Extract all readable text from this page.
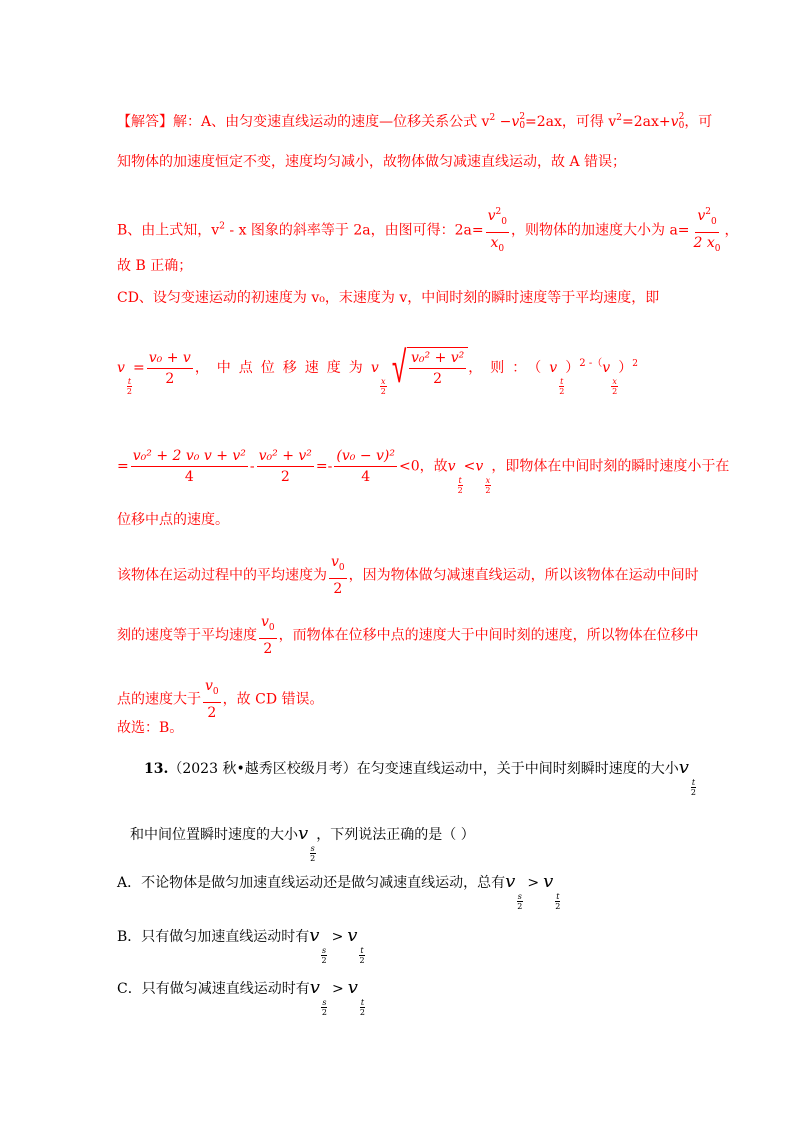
【解答】解：A、由匀变速直线运动的速度—位移关系公式 $v^2 -v$ 2
0 =2ax，可得 $v^2=2ax+v$ 2
0 ，可
知物体的加速度恒定不变，速度均匀减小，故物体做匀减速直线运动，故 A 错误；
B、由上式知，$v^2$ - x 图象的斜率等于 2a，由图可得：$2a= \frac{v^2_0}{x_0}$ ，则物体的加速度大小为 $a= \frac{v^2_0}{2 x_0}$ ，
故 B 正确；
CD、设匀变速运动的初速度为 v₀，末速度为 v，中间时刻的瞬时速度等于平均速度，即
v
$\frac{t}{2}$
= $\frac{\text{v₀ + v}}{2}$ ，中点位移速度为v
$\frac{x}{2}$ √ $\frac{\text{v₀² + v²}}{2}$ ，则：（v
$\frac{t}{2}$
）$^{2 -(}$v
$\frac{x}{2}$
）$^2$
= $\frac{\text{v₀² + 2 v₀ v + v²}}{4} - \frac{\text{v₀² + v²}}{2} =- \frac{\text{(v₀ − v)²}}{4} <0$，故v
$\frac{t}{2}$
<v
$\frac{x}{2}$
，即物体在中间时刻的瞬时速度小于在
位移中点的速度。
该物体在运动过程中的平均速度为 $\frac{v_0}{2}$ ，因为物体做匀减速直线运动，所以该物体在运动中间时
刻的速度等于平均速度 $\frac{v_0}{2}$ ，而物体在位移中点的速度大于中间时刻的速度，所以物体在位移中
点的速度大于 $\frac{v_0}{2}$ ，故 CD 错误。
故选：B。
13.（2023 秋•越秀区校级月考）在匀变速直线运动中，关于中间时刻瞬时速度的大小v
$\frac{t}{2}$
和中间位置瞬时速度的大小v
$\frac{s}{2}$
，下列说法正确的是（ ）
A．不论物体是做匀加速直线运动还是做匀减速直线运动，总有v
$\frac{s}{2}$
> v
$\frac{t}{2}$
B．只有做匀加速直线运动时有v
$\frac{s}{2}$
> v
$\frac{t}{2}$
C．只有做匀减速直线运动时有v
$\frac{s}{2}$
> v
$\frac{t}{2}$
